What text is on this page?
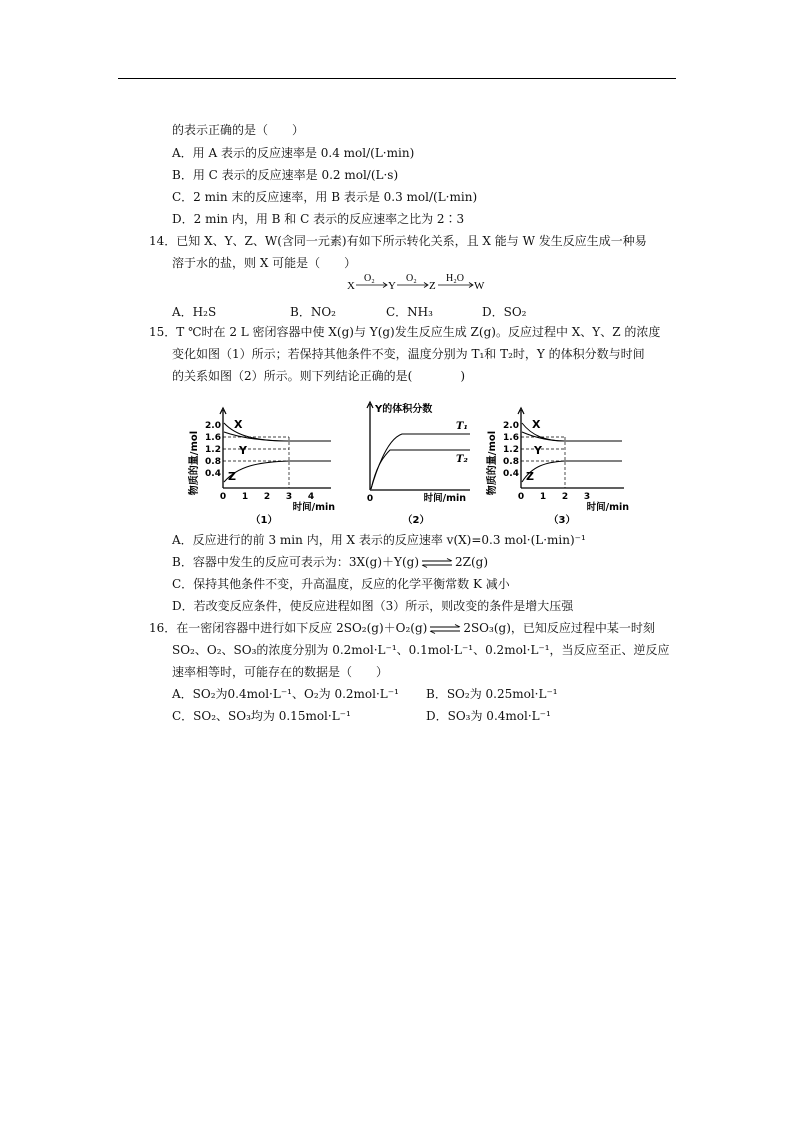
的表示正确的是（　　）
A．用 A 表示的反应速率是 0.4 mol/(L·min)
B．用 C 表示的反应速率是 0.2 mol/(L·s)
C．2 min 末的反应速率，用 B 表示是 0.3 mol/(L·min)
D．2 min 内，用 B 和 C 表示的反应速率之比为 2∶3
14．已知 X、Y、Z、W(含同一元素)有如下所示转化关系，且 X 能与 W 发生反应生成一种易
溶于水的盐，则 X 可能是（　　）
X
O₂
Y
O₂
Z
H₂O
W
A．H₂S	B．NO₂	C．NH₃	D．SO₂
15．T ℃时在 2 L 密闭容器中使 X(g)与 Y(g)发生反应生成 Z(g)。反应过程中 X、Y、Z 的浓度
变化如图（1）所示；若保持其他条件不变，温度分别为 T₁和 T₂时，Y 的体积分数与时间
的关系如图（2）所示。则下列结论正确的是(　　　　)
物质的量/mol
2.0
1.6
1.2
0.8
0.4
X
Y
Z
0 1 2 3 4
时间/min
（1）
Y的体积分数
T₁
T₂
0	时间/min
（2）
物质的量/mol
2.0
1.6
1.2
0.8
0.4
X
Y
Z
0 1 2 3
时间/min
（3）
A．反应进行的前 3 min 内，用 X 表示的反应速率 v(X)=0.3 mol·(L·min)⁻¹
B．容器中发生的反应可表示为：3X(g)＋Y(g) ⇌ 2Z(g)
C．保持其他条件不变，升高温度，反应的化学平衡常数 K 减小
D．若改变反应条件，使反应进程如图（3）所示，则改变的条件是增大压强
16．在一密闭容器中进行如下反应 2SO₂(g)＋O₂(g) ⇌ 2SO₃(g)，已知反应过程中某一时刻
SO₂、O₂、SO₃的浓度分别为 0.2mol·L⁻¹、0.1mol·L⁻¹、0.2mol·L⁻¹，当反应至正、逆反应
速率相等时，可能存在的数据是（　　）
A．SO₂为0.4mol·L⁻¹、O₂为 0.2mol·L⁻¹ B．SO₂为 0.25mol·L⁻¹
C．SO₂、SO₃均为 0.15mol·L⁻¹	D．SO₃为 0.4mol·L⁻¹
